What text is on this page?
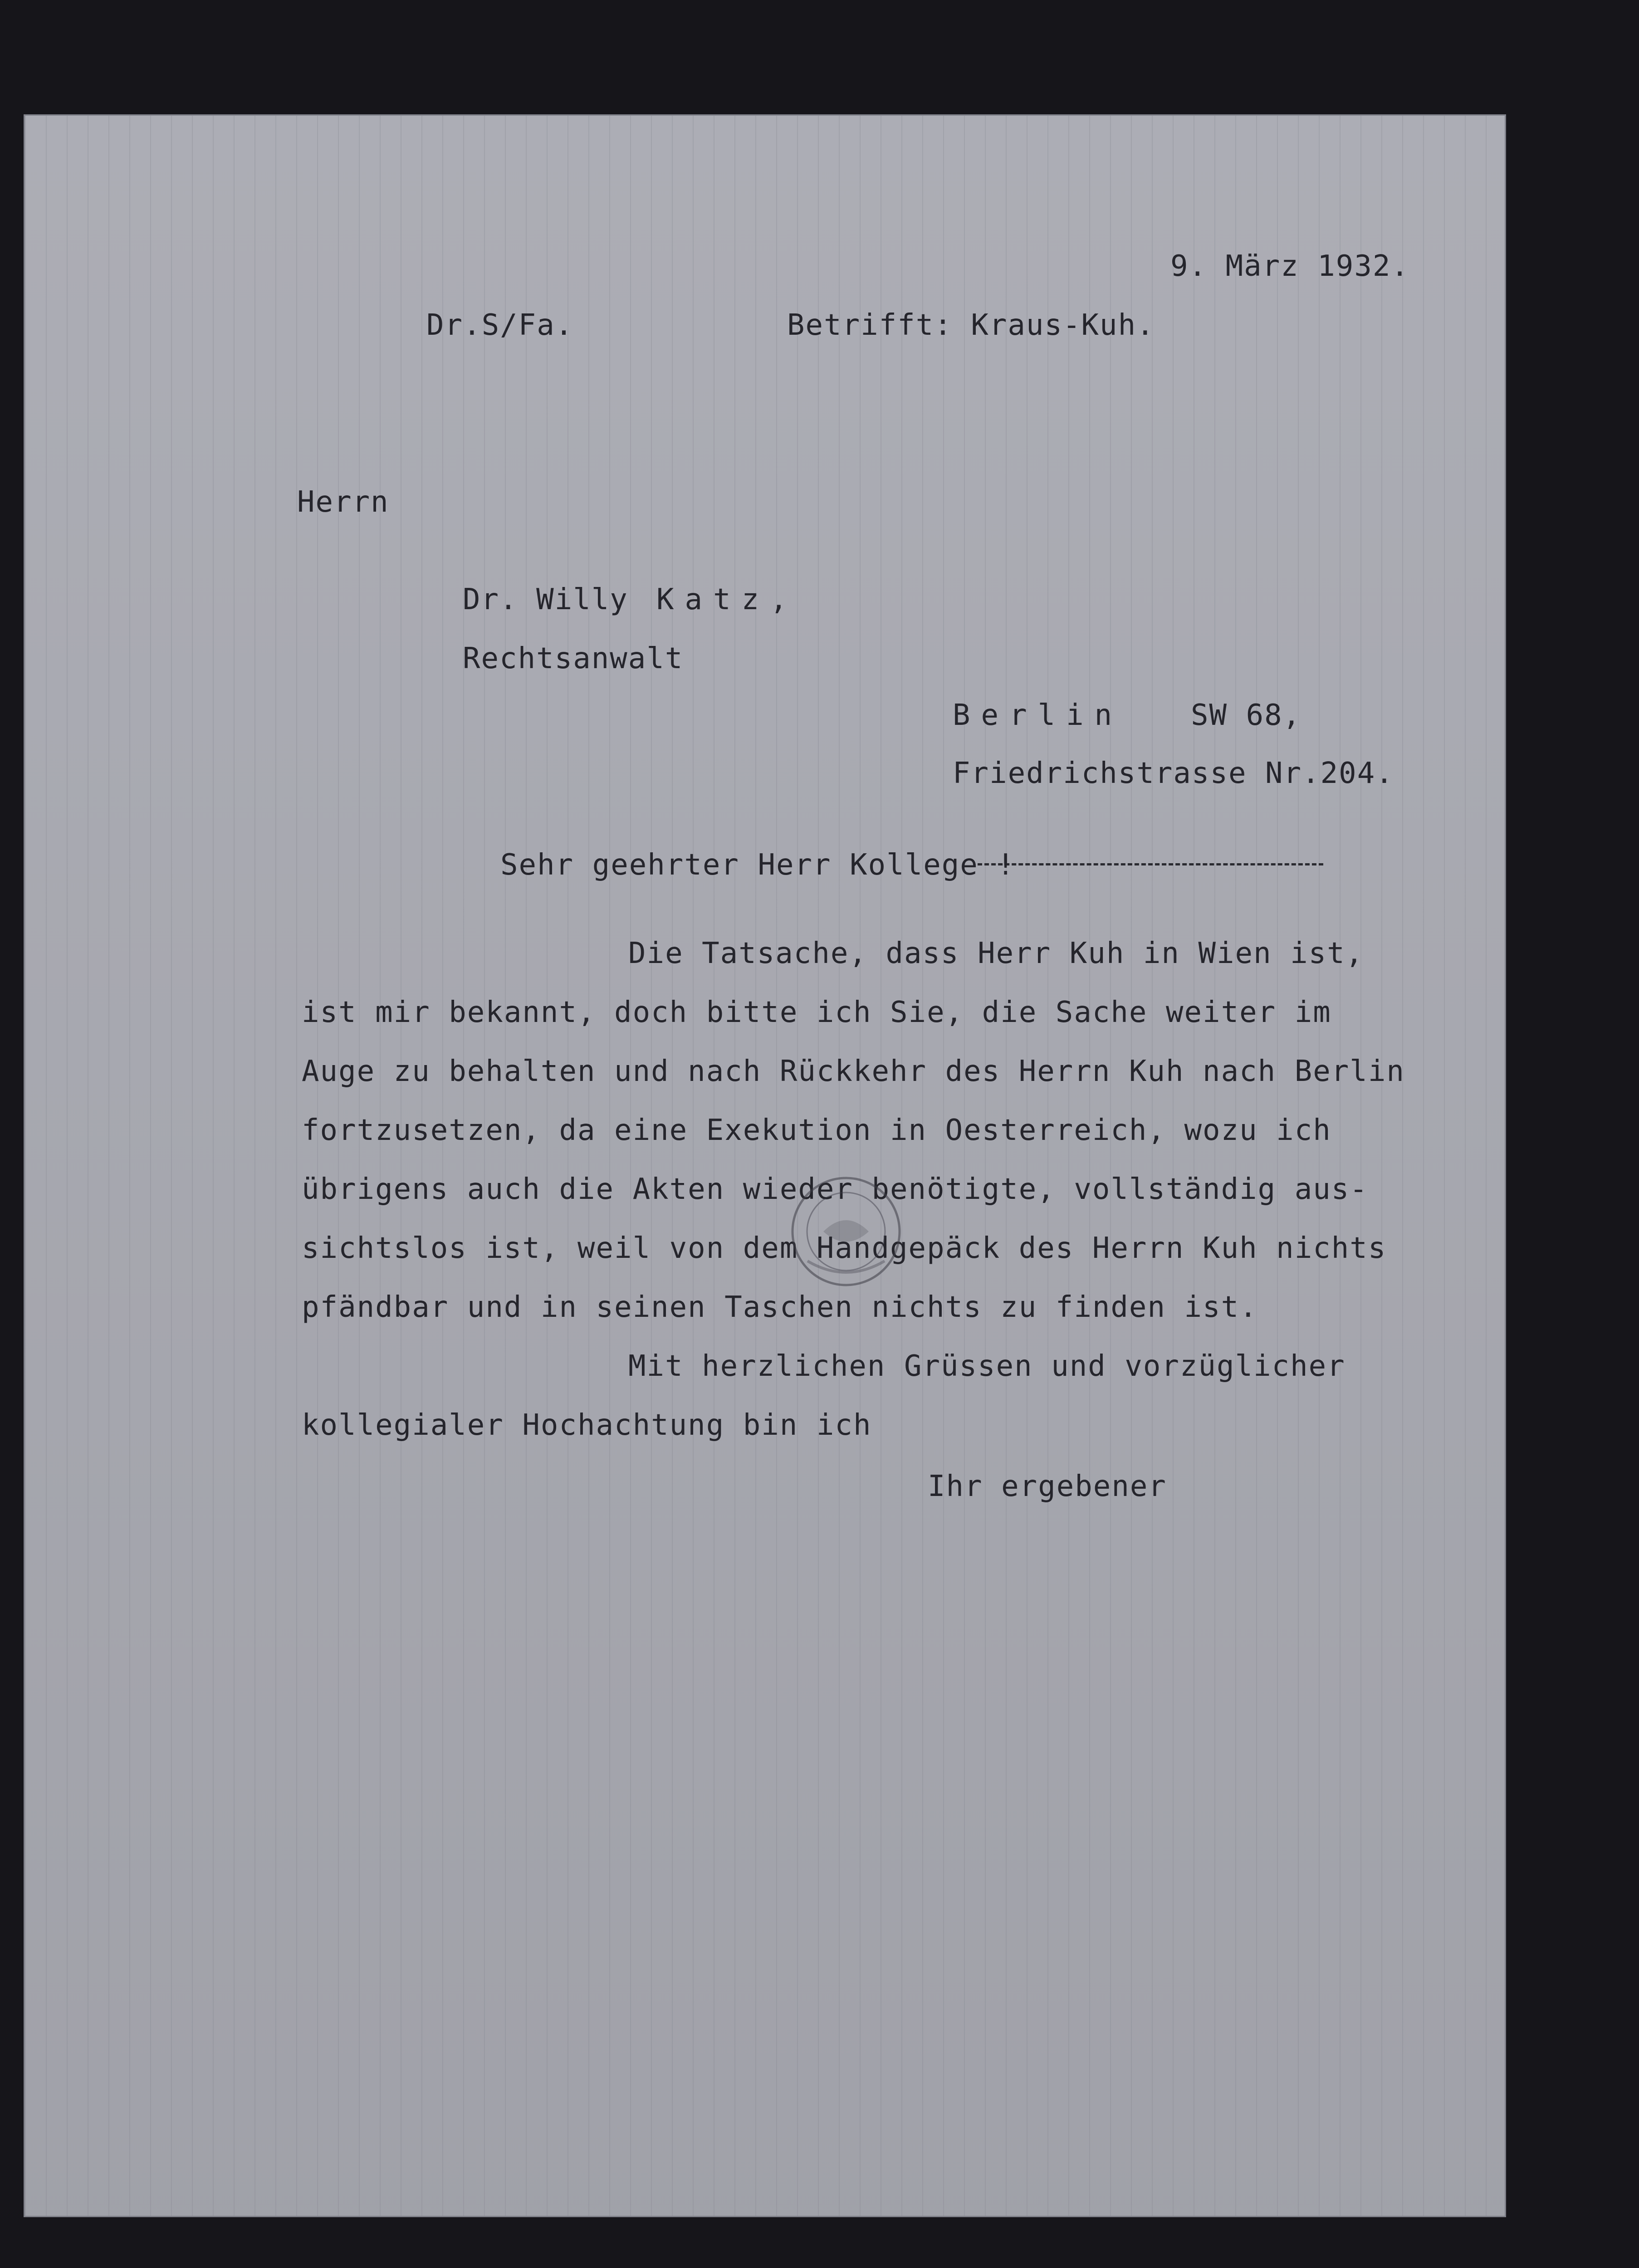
9. März 1932.
Dr.S/Fa.	Betrifft: Kraus-Kuh.
Herrn
Dr. Willy Katz,
Rechtsanwalt
Berlin SW 68,
Friedrichstrasse Nr.204.
Sehr geehrter Herr Kollege !
Die Tatsache, dass Herr Kuh in Wien ist,
ist mir bekannt, doch bitte ich Sie, die Sache weiter im
Auge zu behalten und nach Rückkehr des Herrn Kuh nach Berlin
fortzusetzen, da eine Exekution in Oesterreich, wozu ich
übrigens auch die Akten wieder benötigte, vollständig aus-
sichtslos ist, weil von dem Handgepäck des Herrn Kuh nichts
pfändbar und in seinen Taschen nichts zu finden ist.
Mit herzlichen Grüssen und vorzüglicher
kollegialer Hochachtung bin ich
Ihr ergebener
